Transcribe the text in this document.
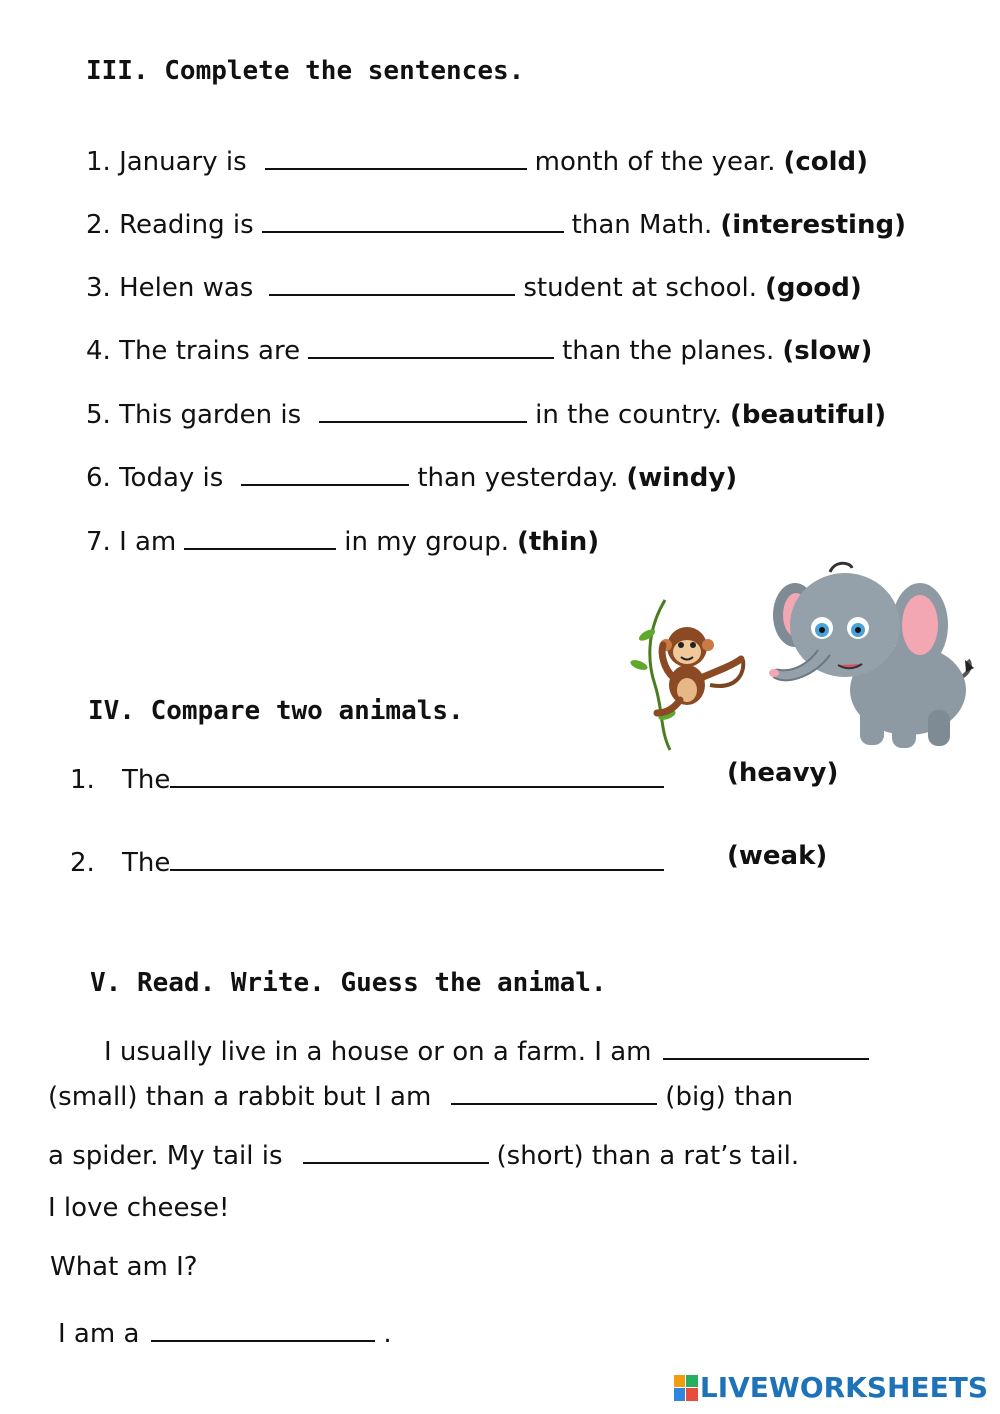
III. Complete the sentences.
1. January is	month of the year. (cold)
2. Reading is	than Math. (interesting)
3. Helen was	student at school. (good)
4. The trains are	than the planes. (slow)
5. This garden is	in the country. (beautiful)
6. Today is	than yesterday. (windy)
7. I am	in my group. (thin)
IV. Compare two animals.
1.	The	(heavy)
2.	The	(weak)
V. Read. Write. Guess the animal.
I usually live in a house or on a farm. I am
(small) than a rabbit but I am	(big) than
a spider. My tail is	(short) than a rat’s tail.
I love cheese!
What am I?
I am a	.
LIVEWORKSHEETS
